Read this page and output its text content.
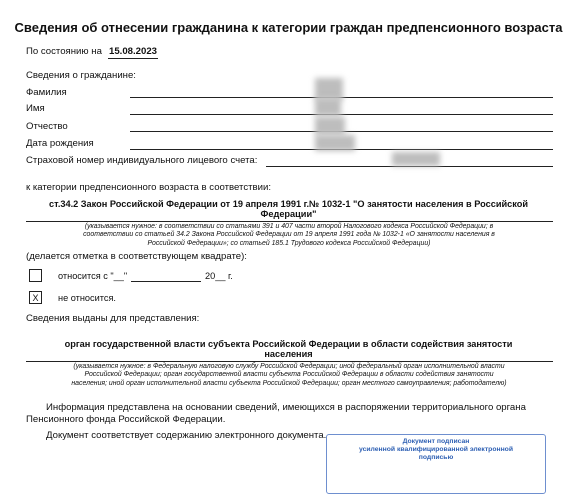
Сведения об отнесении гражданина к категории граждан предпенсионного возраста
По состоянию на 15.08.2023
Сведения о гражданине:
Фамилия
Имя
Отчество
Дата рождения
Страховой номер индивидуального лицевого счета:
к категории предпенсионного возраста в соответствии:
ст.34.2 Закон Российской Федерации от 19 апреля 1991 г.№ 1032-1 "О занятости населения в Российской
Федерации"
(указывается нужное: в соответствии со статьями 391 и 407 части второй Налогового кодекса Российской Федерации; в
соответствии со статьей 34.2 Закона Российской Федерации от 19 апреля 1991 года № 1032-1 «О занятости населения в
Российской Федерации»; со статьей 185.1 Трудового кодекса Российской Федерации)
(делается отметка в соответствующем квадрате):
относится с "__"	20__ г.
X	не относится.
Сведения выданы для представления:
орган государственной власти субъекта Российской Федерации в области содействия занятости
населения
(указывается нужное: в Федеральную налоговую службу Российской Федерации; иной федеральный орган исполнительной власти
Российской Федерации; орган государственной власти субъекта Российской Федерации в области содействия занятости
населения; иной орган исполнительной власти субъекта Российской Федерации; орган местного самоуправления; работодателю)
Информация представлена на основании сведений, имеющихся в распоряжении территориального органа
Пенсионного фонда Российской Федерации.
Документ соответствует содержанию электронного документа.
Документ подписан
усиленной квалифицированной электронной
подписью
